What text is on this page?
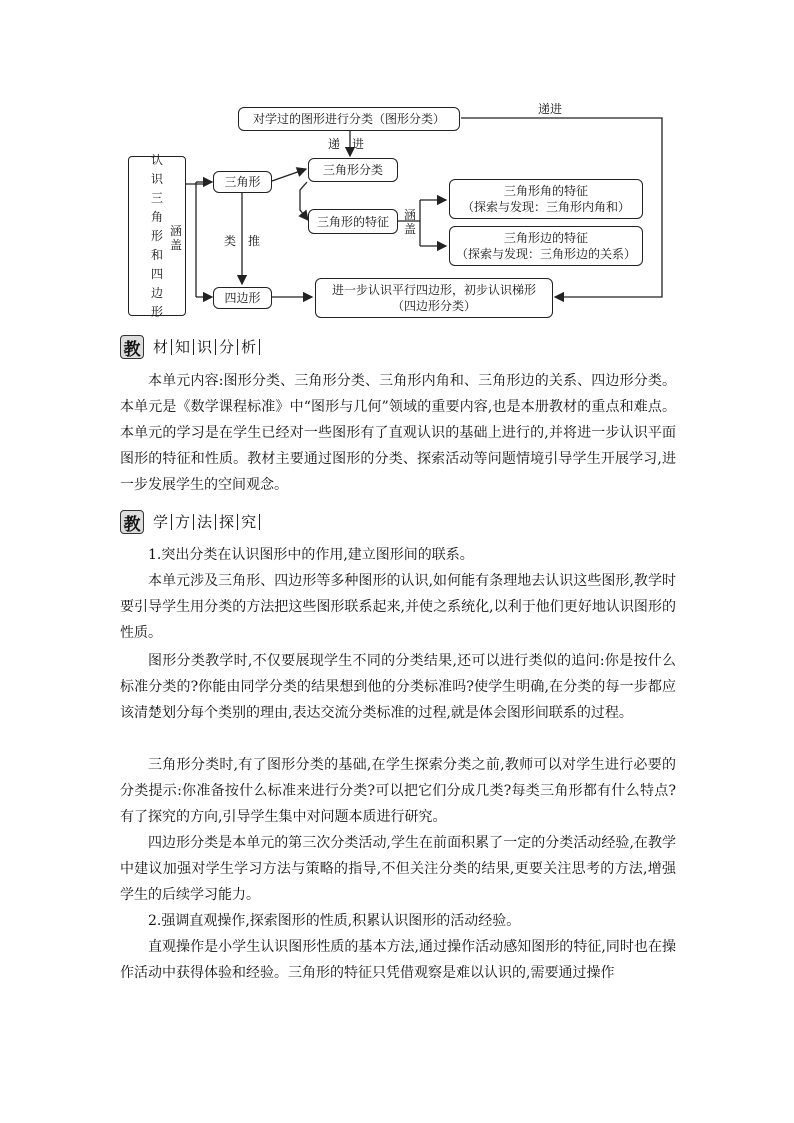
认识三角形和四边形
对学过的图形进行分类（图形分类）
递进
递　进
三角形
三角形分类
三角形的特征 涵盖
涵盖	类　推
三角形角的特征
（探索与发现：三角形内角和）
三角形边的特征
（探索与发现：三角形边的关系）
四边形
进一步认识平行四边形，初步认识梯形
（四边形分类）
教 材 知 识 分 析

本单元内容:图形分类、三角形分类、三角形内角和、三角形边的关系、四边形分类。本单元是《数学课程标准》中“图形与几何”领域的重要内容,也是本册教材的重点和难点。本单元的学习是在学生已经对一些图形有了直观认识的基础上进行的,并将进一步认识平面图形的特征和性质。教材主要通过图形的分类、探索活动等问题情境引导学生开展学习,进一步发展学生的空间观念。

教 学 方 法 探 究

1.突出分类在认识图形中的作用,建立图形间的联系。

本单元涉及三角形、四边形等多种图形的认识,如何能有条理地去认识这些图形,教学时要引导学生用分类的方法把这些图形联系起来,并使之系统化,以利于他们更好地认识图形的性质。

图形分类教学时,不仅要展现学生不同的分类结果,还可以进行类似的追问:你是按什么标准分类的?你能由同学分类的结果想到他的分类标准吗?使学生明确,在分类的每一步都应该清楚划分每个类别的理由,表达交流分类标准的过程,就是体会图形间联系的过程。

三角形分类时,有了图形分类的基础,在学生探索分类之前,教师可以对学生进行必要的分类提示:你准备按什么标准来进行分类?可以把它们分成几类?每类三角形都有什么特点?有了探究的方向,引导学生集中对问题本质进行研究。

四边形分类是本单元的第三次分类活动,学生在前面积累了一定的分类活动经验,在教学中建议加强对学生学习方法与策略的指导,不但关注分类的结果,更要关注思考的方法,增强学生的后续学习能力。

2.强调直观操作,探索图形的性质,积累认识图形的活动经验。

直观操作是小学生认识图形性质的基本方法,通过操作活动感知图形的特征,同时也在操作活动中获得体验和经验。三角形的特征只凭借观察是难以认识的,需要通过操作
